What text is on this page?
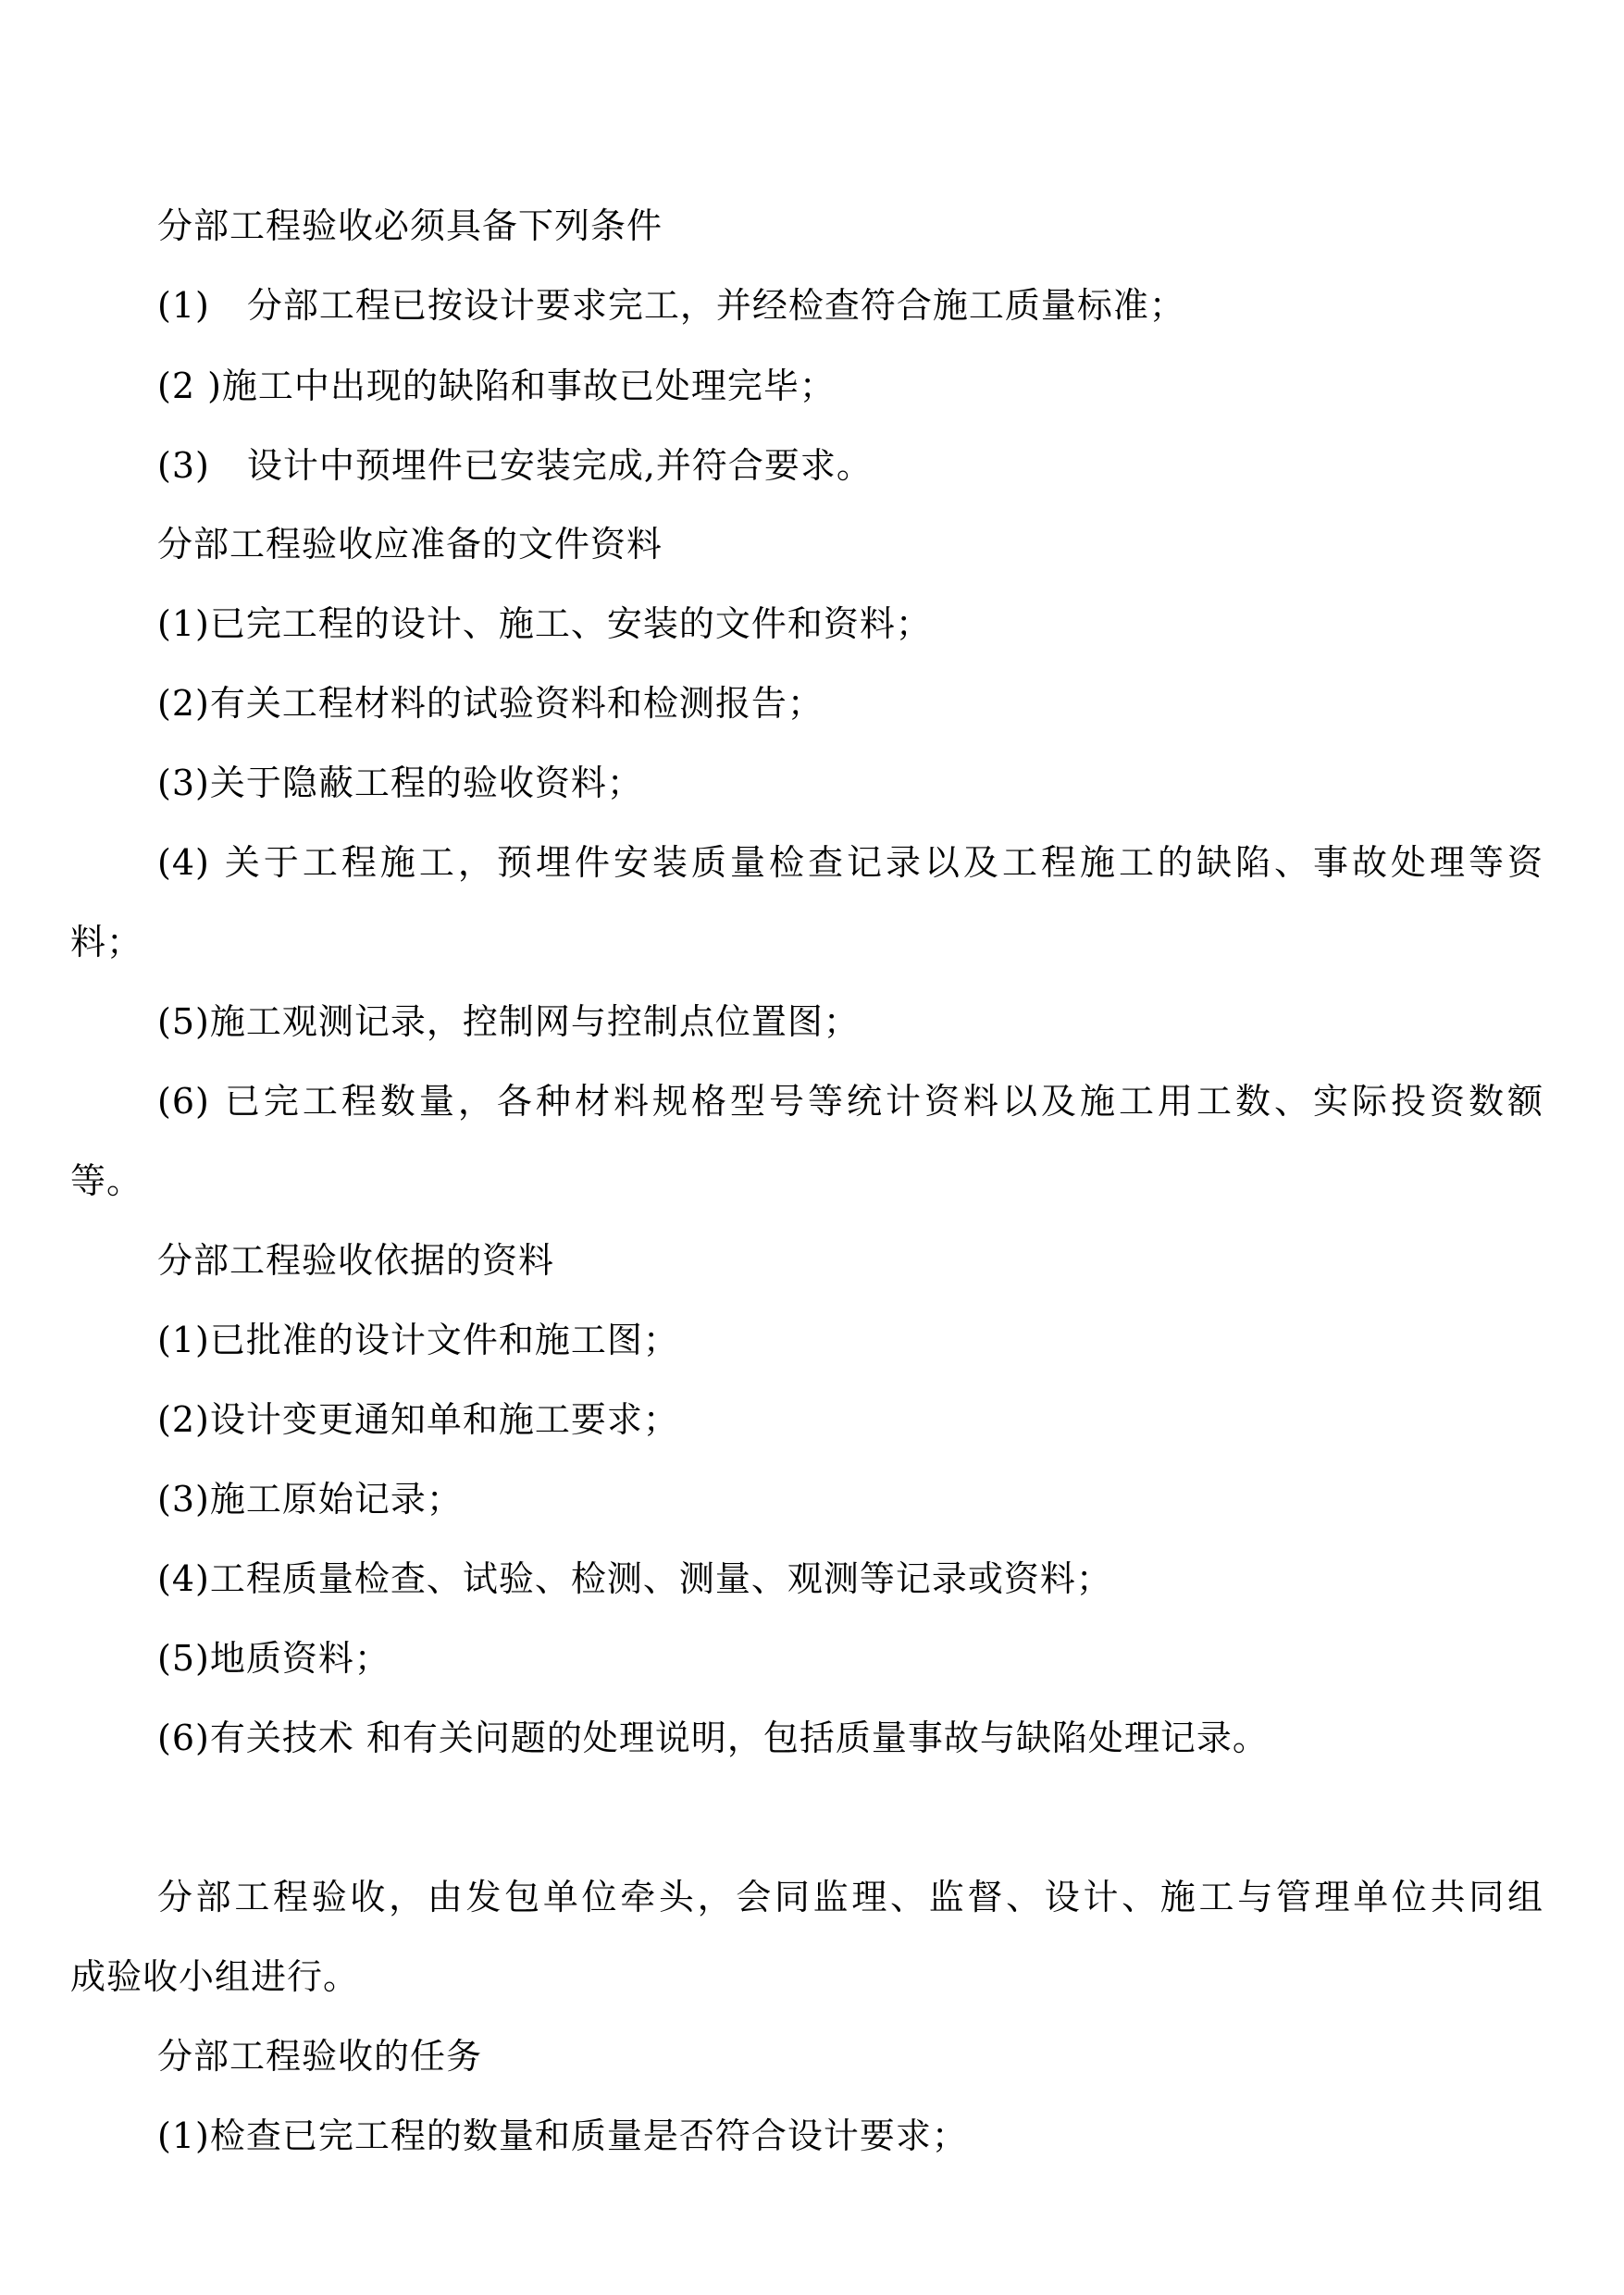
分部工程验收必须具备下列条件
(1) 分部工程已按设计要求完工，并经检查符合施工质量标准；
(2 )施工中出现的缺陷和事故已处理完毕；
(3) 设计中预埋件已安装完成,并符合要求。
分部工程验收应准备的文件资料
(1)已完工程的设计、施工、安装的文件和资料；
(2)有关工程材料的试验资料和检测报告；
(3)关于隐蔽工程的验收资料；
(4) 关于工程施工，预埋件安装质量检查记录以及工程施工的缺陷、事故处理等资
料；
(5)施工观测记录，控制网与控制点位置图；
(6) 已完工程数量，各种材料规格型号等统计资料以及施工用工数、实际投资数额
等。
分部工程验收依据的资料
(1)已批准的设计文件和施工图；
(2)设计变更通知单和施工要求；
(3)施工原始记录；
(4)工程质量检查、试验、检测、测量、观测等记录或资料；
(5)地质资料；
(6)有关技术 和有关问题的处理说明，包括质量事故与缺陷处理记录。
分部工程验收，由发包单位牵头，会同监理、监督、设计、施工与管理单位共同组
成验收小组进行。
分部工程验收的任务
(1)检查已完工程的数量和质量是否符合设计要求；
